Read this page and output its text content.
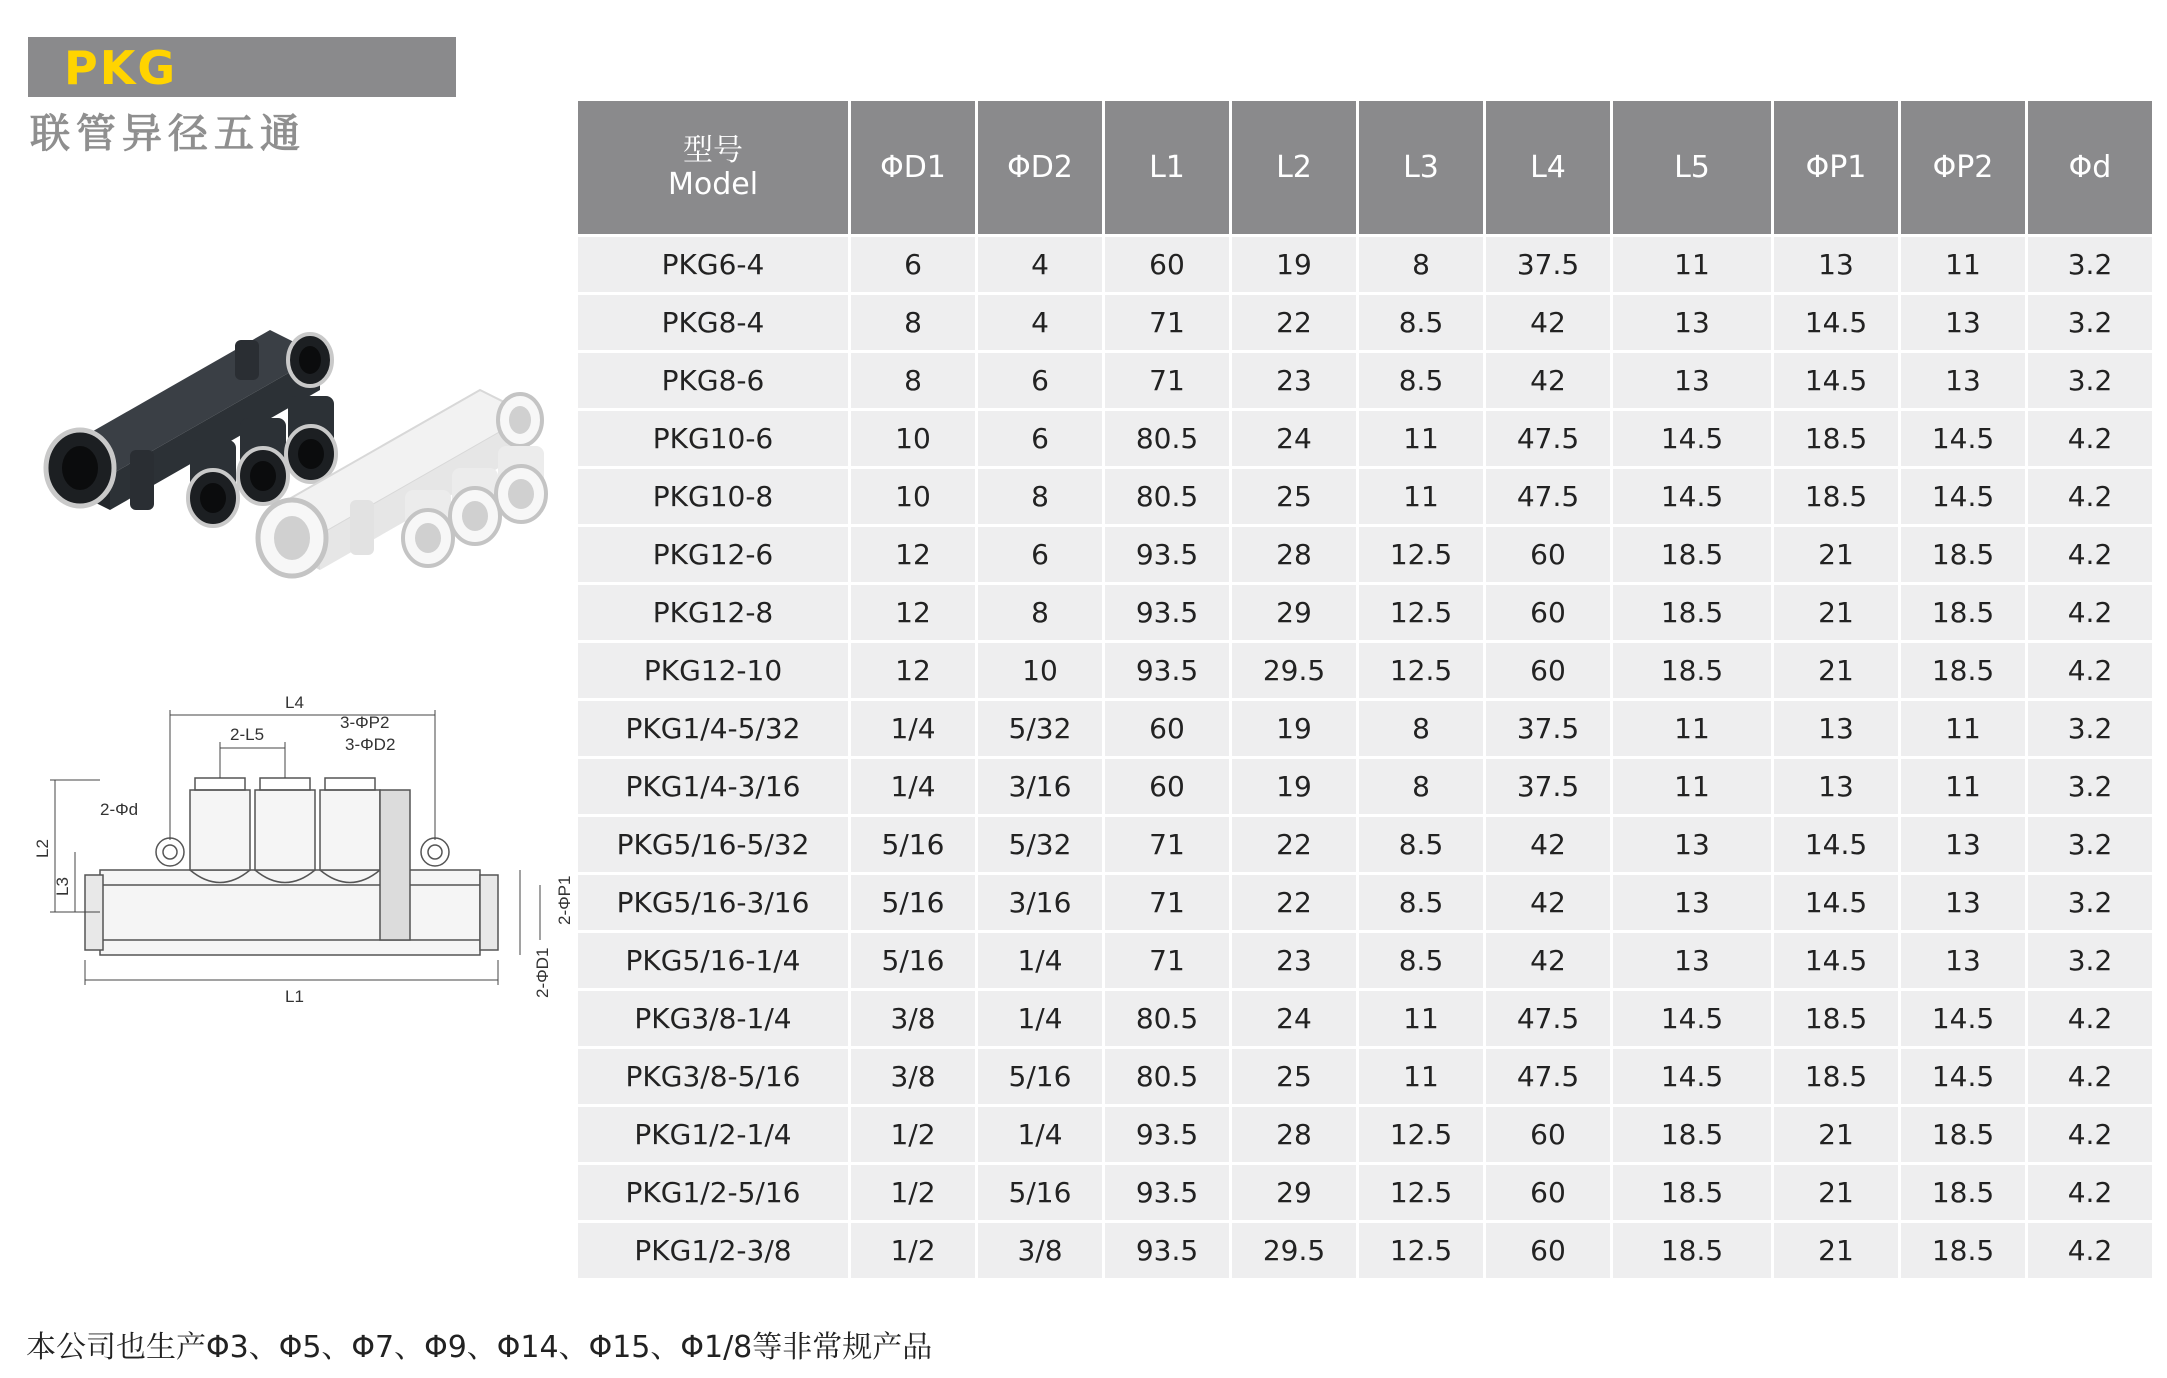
PKG
联管异径五通
L4
2-L5
3-ΦP2
3-ΦD2
2-Φd
L1
L2
L3	2-ΦP1
2-ΦD1
型号
Model	ΦD1	ΦD2	L1	L2	L3	L4	L5	ΦP1	ΦP2	Φd
PKG6-4	6	4	60	19	8	37.5	11	13	11	3.2
PKG8-4	8	4	71	22	8.5	42	13	14.5	13	3.2
PKG8-6	8	6	71	23	8.5	42	13	14.5	13	3.2
PKG10-6	10	6	80.5	24	11	47.5	14.5	18.5	14.5	4.2
PKG10-8	10	8	80.5	25	11	47.5	14.5	18.5	14.5	4.2
PKG12-6	12	6	93.5	28	12.5	60	18.5	21	18.5	4.2
PKG12-8	12	8	93.5	29	12.5	60	18.5	21	18.5	4.2
PKG12-10	12	10	93.5	29.5	12.5	60	18.5	21	18.5	4.2
PKG1/4-5/32	1/4	5/32	60	19	8	37.5	11	13	11	3.2
PKG1/4-3/16	1/4	3/16	60	19	8	37.5	11	13	11	3.2
PKG5/16-5/32	5/16	5/32	71	22	8.5	42	13	14.5	13	3.2
PKG5/16-3/16	5/16	3/16	71	22	8.5	42	13	14.5	13	3.2
PKG5/16-1/4	5/16	1/4	71	23	8.5	42	13	14.5	13	3.2
PKG3/8-1/4	3/8	1/4	80.5	24	11	47.5	14.5	18.5	14.5	4.2
PKG3/8-5/16	3/8	5/16	80.5	25	11	47.5	14.5	18.5	14.5	4.2
PKG1/2-1/4	1/2	1/4	93.5	28	12.5	60	18.5	21	18.5	4.2
PKG1/2-5/16	1/2	5/16	93.5	29	12.5	60	18.5	21	18.5	4.2
PKG1/2-3/8	1/2	3/8	93.5	29.5	12.5	60	18.5	21	18.5	4.2
本公司也生产Φ3、Φ5、Φ7、Φ9、Φ14、Φ15、Φ1/8等非常规产品
